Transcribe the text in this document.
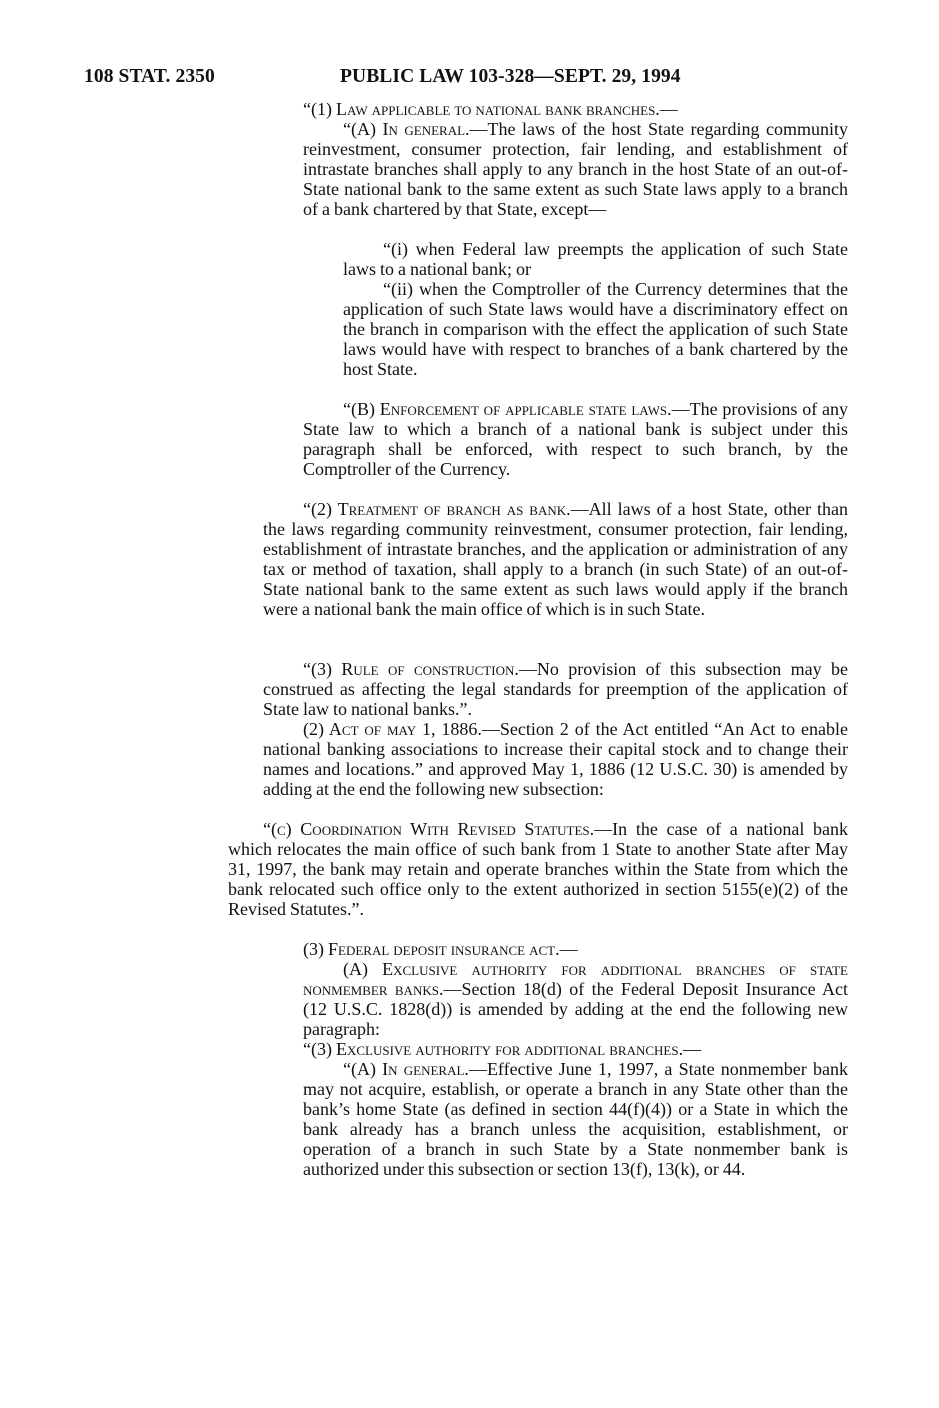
108 STAT. 2350	PUBLIC LAW 103-328—SEPT. 29, 1994

“(1) Law applicable to national bank branches.—

“(A) In general.—The laws of the host State regarding community reinvestment, consumer protection, fair lending, and establishment of intrastate branches shall apply to any branch in the host State of an out-of-State national bank to the same extent as such State laws apply to a branch of a bank chartered by that State, except—

“(i) when Federal law preempts the application of such State laws to a national bank; or

“(ii) when the Comptroller of the Currency determines that the application of such State laws would have a discriminatory effect on the branch in comparison with the effect the application of such State laws would have with respect to branches of a bank chartered by the host State.

“(B) Enforcement of applicable state laws.—The provisions of any State law to which a branch of a national bank is subject under this paragraph shall be enforced, with respect to such branch, by the Comptroller of the Currency.

“(2) Treatment of branch as bank.—All laws of a host State, other than the laws regarding community reinvestment, consumer protection, fair lending, establishment of intrastate branches, and the application or administration of any tax or method of taxation, shall apply to a branch (in such State) of an out-of-State national bank to the same extent as such laws would apply if the branch were a national bank the main office of which is in such State.

“(3) Rule of construction.—No provision of this subsection may be construed as affecting the legal standards for preemption of the application of State law to national banks.”.

(2) Act of may 1, 1886.—Section 2 of the Act entitled “An Act to enable national banking associations to increase their capital stock and to change their names and locations.” and approved May 1, 1886 (12 U.S.C. 30) is amended by adding at the end the following new subsection:

“(c) Coordination With Revised Statutes.—In the case of a national bank which relocates the main office of such bank from 1 State to another State after May 31, 1997, the bank may retain and operate branches within the State from which the bank relocated such office only to the extent authorized in section 5155(e)(2) of the Revised Statutes.”.

(3) Federal deposit insurance act.—

(A) Exclusive authority for additional branches of state nonmember banks.—Section 18(d) of the Federal Deposit Insurance Act (12 U.S.C. 1828(d)) is amended by adding at the end the following new paragraph:

“(3) Exclusive authority for additional branches.—

“(A) In general.—Effective June 1, 1997, a State nonmember bank may not acquire, establish, or operate a branch in any State other than the bank’s home State (as defined in section 44(f)(4)) or a State in which the bank already has a branch unless the acquisition, establishment, or operation of a branch in such State by a State nonmember bank is authorized under this subsection or section 13(f), 13(k), or 44.
